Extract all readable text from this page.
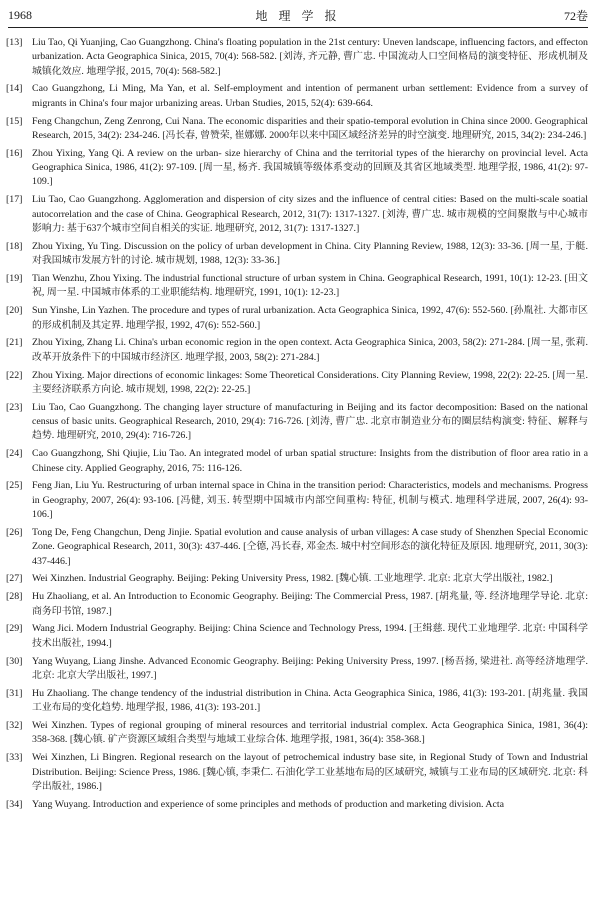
1968	地 理 学 报	72卷
[13] Liu Tao, Qi Yuanjing, Cao Guangzhong. China's floating population in the 21st century: Uneven landscape, influencing factors, and effecton urbanization. Acta Geographica Sinica, 2015, 70(4): 568-582. [刘涛, 齐元静, 曹广忠. 中国流动人口空间格局的演变特征、形成机制及城镇化效应. 地理学报, 2015, 70(4): 568-582.]
[14] Cao Guangzhong, Li Ming, Ma Yan, et al. Self-employment and intention of permanent urban settlement: Evidence from a survey of migrants in China's four major urbanizing areas. Urban Studies, 2015, 52(4): 639-664.
[15] Feng Changchun, Zeng Zenrong, Cui Nana. The economic disparities and their spatio-temporal evolution in China since 2000. Geographical Research, 2015, 34(2): 234-246. [冯长春, 曾赞荣, 崔娜娜. 2000年以来中国区域经济差异的时空演变. 地理研究, 2015, 34(2): 234-246.]
[16] Zhou Yixing, Yang Qi. A review on the urban- size hierarchy of China and the territorial types of the hierarchy on provincial level. Acta Geographica Sinica, 1986, 41(2): 97-109. [周一星, 杨齐. 我国城镇等级体系变动的回顾及其省区地域类型. 地理学报, 1986, 41(2): 97-109.]
[17] Liu Tao, Cao Guangzhong. Agglomeration and dispersion of city sizes and the influence of central cities: Based on the multi-scale soatial autocorrelation and the case of China. Geographical Research, 2012, 31(7): 1317-1327. [刘涛, 曹广忠. 城市规模的空间聚散与中心城市影响力: 基于637个城市空间自相关的实证. 地理研究, 2012, 31(7): 1317-1327.]
[18] Zhou Yixing, Yu Ting. Discussion on the policy of urban development in China. City Planning Review, 1988, 12(3): 33-36. [周一星, 于艇. 对我国城市发展方针的讨论. 城市规划, 1988, 12(3): 33-36.]
[19] Tian Wenzhu, Zhou Yixing. The industrial functional structure of urban system in China. Geographical Research, 1991, 10(1): 12-23. [田文祝, 周一星. 中国城市体系的工业职能结构. 地理研究, 1991, 10(1): 12-23.]
[20] Sun Yinshe, Lin Yazhen. The procedure and types of rural urbanization. Acta Geographica Sinica, 1992, 47(6): 552-560. [孙胤社. 大都市区的形成机制及其定界. 地理学报, 1992, 47(6): 552-560.]
[21] Zhou Yixing, Zhang Li. China's urban economic region in the open context. Acta Geographica Sinica, 2003, 58(2): 271-284. [周一星, 张莉. 改革开放条件下的中国城市经济区. 地理学报, 2003, 58(2): 271-284.]
[22] Zhou Yixing. Major directions of economic linkages: Some Theoretical Considerations. City Planning Review, 1998, 22(2): 22-25. [周一星. 主要经济联系方向论. 城市规划, 1998, 22(2): 22-25.]
[23] Liu Tao, Cao Guangzhong. The changing layer structure of manufacturing in Beijing and its factor decomposition: Based on the national census of basic units. Geographical Research, 2010, 29(4): 716-726. [刘涛, 曹广忠. 北京市制造业分布的圈层结构演变: 特征、解释与趋势. 地理研究, 2010, 29(4): 716-726.]
[24] Cao Guangzhong, Shi Qiujie, Liu Tao. An integrated model of urban spatial structure: Insights from the distribution of floor area ratio in a Chinese city. Applied Geography, 2016, 75: 116-126.
[25] Feng Jian, Liu Yu. Restructuring of urban internal space in China in the transition period: Characteristics, models and mechanisms. Progress in Geography, 2007, 26(4): 93-106. [冯健, 刘玉. 转型期中国城市内部空间重构: 特征, 机制与模式. 地理科学进展, 2007, 26(4): 93-106.]
[26] Tong De, Feng Changchun, Deng Jinjie. Spatial evolution and cause analysis of urban villages: A case study of Shenzhen Special Economic Zone. Geographical Research, 2011, 30(3): 437-446. [仝德, 冯长春, 邓金杰. 城中村空间形态的演化特征及原因. 地理研究, 2011, 30(3): 437-446.]
[27] Wei Xinzhen. Industrial Geography. Beijing: Peking University Press, 1982. [魏心镇. 工业地理学. 北京: 北京大学出版社, 1982.]
[28] Hu Zhaoliang, et al. An Introduction to Economic Geography. Beijing: The Commercial Press, 1987. [胡兆量, 等. 经济地理学导论. 北京: 商务印书馆, 1987.]
[29] Wang Jici. Modern Industrial Geography. Beijing: China Science and Technology Press, 1994. [王缉慈. 现代工业地理学. 北京: 中国科学技术出版社, 1994.]
[30] Yang Wuyang, Liang Jinshe. Advanced Economic Geography. Beijing: Peking University Press, 1997. [杨吾扬, 梁进社. 高等经济地理学. 北京: 北京大学出版社, 1997.]
[31] Hu Zhaoliang. The change tendency of the industrial distribution in China. Acta Geographica Sinica, 1986, 41(3): 193-201. [胡兆量. 我国工业布局的变化趋势. 地理学报, 1986, 41(3): 193-201.]
[32] Wei Xinzhen. Types of regional grouping of mineral resources and territorial industrial complex. Acta Geographica Sinica, 1981, 36(4): 358-368. [魏心镇. 矿产资源区域组合类型与地域工业综合体. 地理学报, 1981, 36(4): 358-368.]
[33] Wei Xinzhen, Li Bingren. Regional research on the layout of petrochemical industry base site, in Regional Study of Town and Industrial Distribution. Beijing: Science Press, 1986. [魏心镇, 李秉仁. 石油化学工业基地布局的区域研究, 城镇与工业布局的区域研究. 北京: 科学出版社, 1986.]
[34] Yang Wuyang. Introduction and experience of some principles and methods of production and marketing division. Acta
